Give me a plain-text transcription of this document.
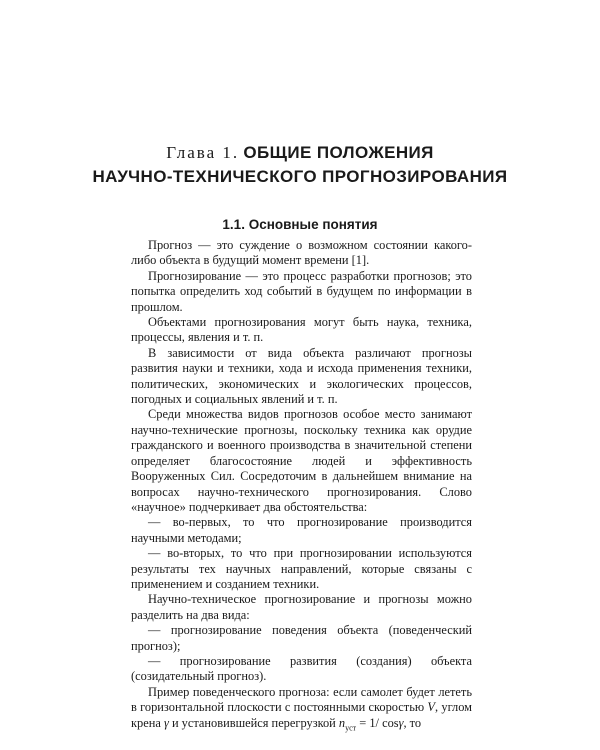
Глава 1. ОБЩИЕ ПОЛОЖЕНИЯ
НАУЧНО-ТЕХНИЧЕСКОГО ПРОГНОЗИРОВАНИЯ
1.1. Основные понятия

Прогноз — это суждение о возможном состоянии какого-либо объекта в будущий момент времени [1].

Прогнозирование — это процесс разработки прогнозов; это попытка определить ход событий в будущем по информации в прошлом.

Объектами прогнозирования могут быть наука, техника, процессы, явления и т. п.

В зависимости от вида объекта различают прогнозы развития науки и техники, хода и исхода применения техники, политических, экономических и экологических процессов, погодных и социальных явлений и т. п.

Среди множества видов прогнозов особое место занимают научно-технические прогнозы, поскольку техника как орудие гражданского и военного производства в значительной степени определяет благосостояние людей и эффективность Вооруженных Сил. Сосредоточим в дальнейшем внимание на вопросах научно-технического прогнозирования. Слово «научное» подчеркивает два обстоятельства:

— во-первых, то что прогнозирование производится научными методами;

— во-вторых, то что при прогнозировании используются результаты тех научных направлений, которые связаны с применением и созданием техники.

Научно-техническое прогнозирование и прогнозы можно разделить на два вида:

— прогнозирование поведения объекта (поведенческий прогноз);

— прогнозирование развития (создания) объекта (созидательный прогноз).

Пример поведенческого прогноза: если самолет будет лететь в горизонтальной плоскости с постоянными скоростью V, углом крена γ и установившейся перегрузкой $n_{уст} = 1/$ cosγ, то
